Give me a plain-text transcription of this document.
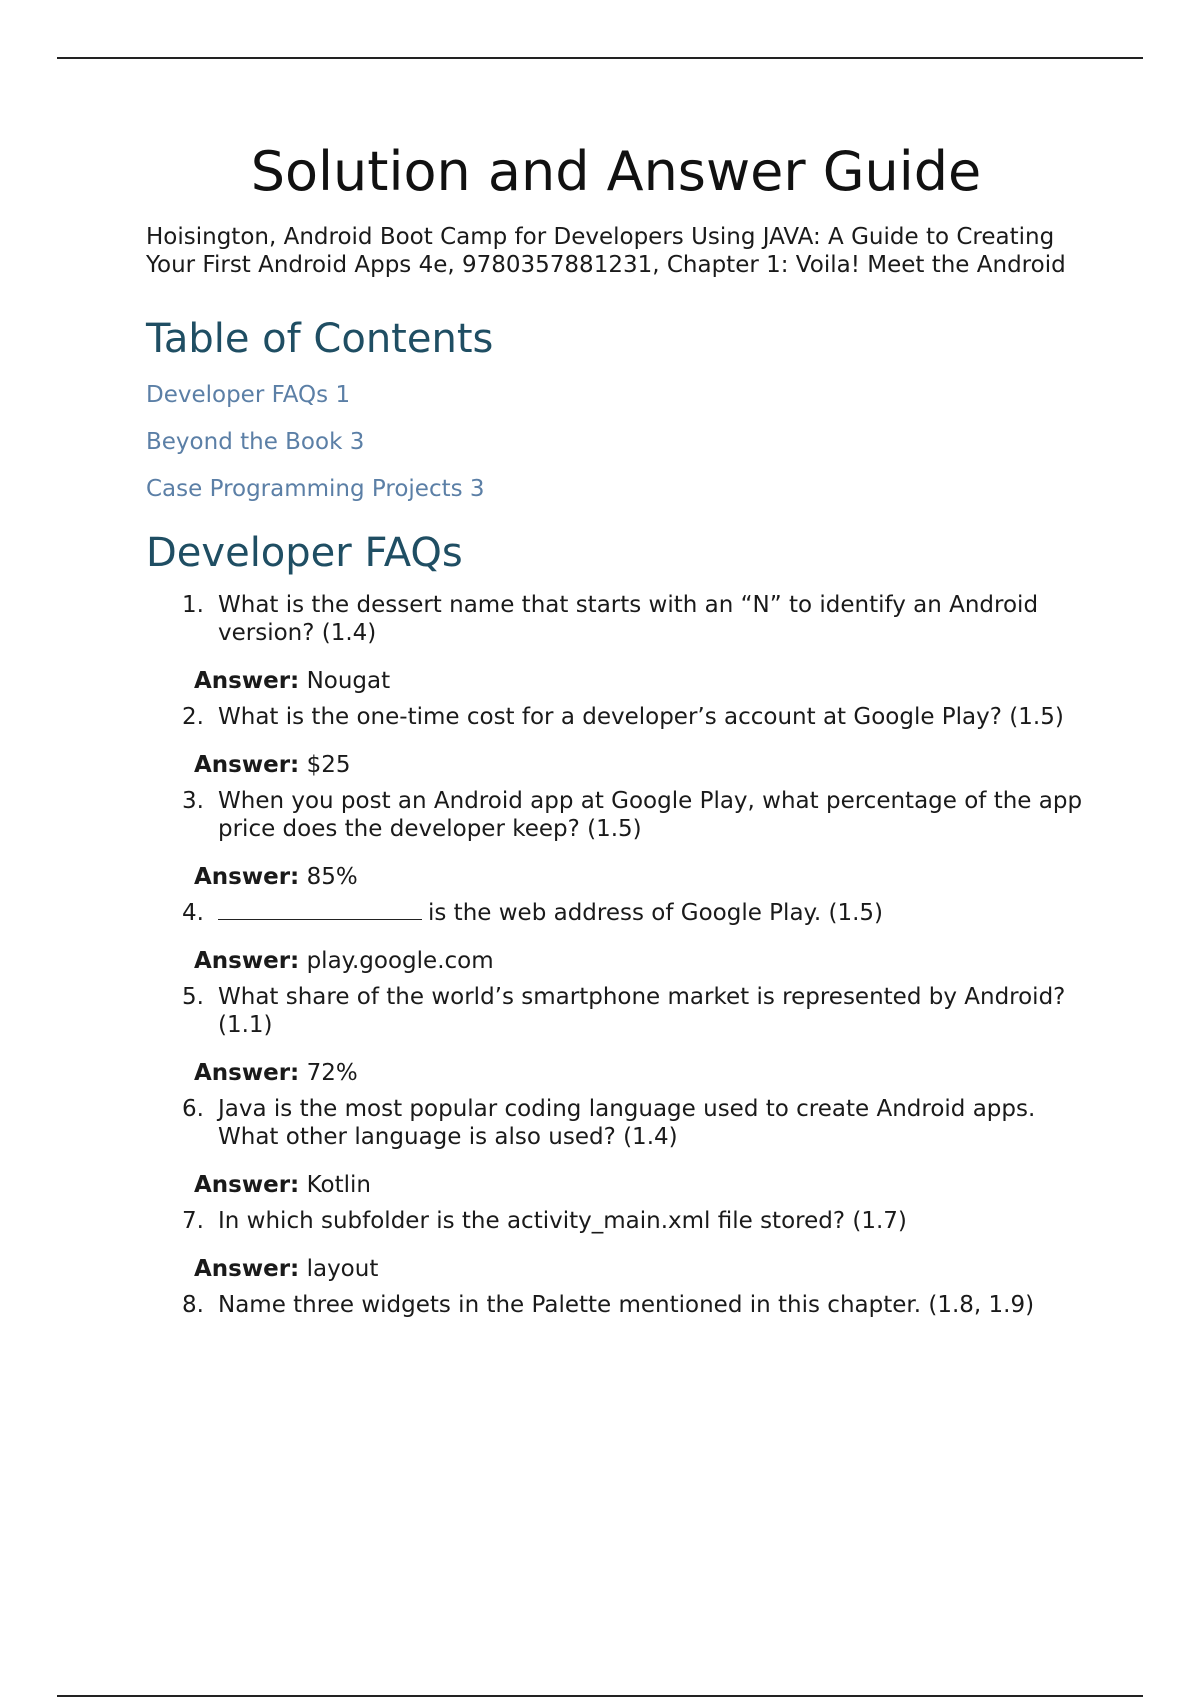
Solution and Answer Guide

Hoisington, Android Boot Camp for Developers Using JAVA: A Guide to Creating Your First Android Apps 4e, 9780357881231, Chapter 1: Voila! Meet the Android

Table of Contents
Developer FAQs 1
Beyond the Book 3
Case Programming Projects 3
Developer FAQs
1. What is the dessert name that starts with an “N” to identify an Android version? (1.4)
Answer: Nougat
2. What is the one-time cost for a developer’s account at Google Play? (1.5)
Answer: $25
3. When you post an Android app at Google Play, what percentage of the app price does the developer keep? (1.5)
Answer: 85%
4.	is the web address of Google Play. (1.5)
Answer: play.google.com
5. What share of the world’s smartphone market is represented by Android? (1.1)
Answer: 72%
6. Java is the most popular coding language used to create Android apps. What other language is also used? (1.4)
Answer: Kotlin
7. In which subfolder is the activity_main.xml file stored? (1.7)
Answer: layout
8. Name three widgets in the Palette mentioned in this chapter. (1.8, 1.9)
